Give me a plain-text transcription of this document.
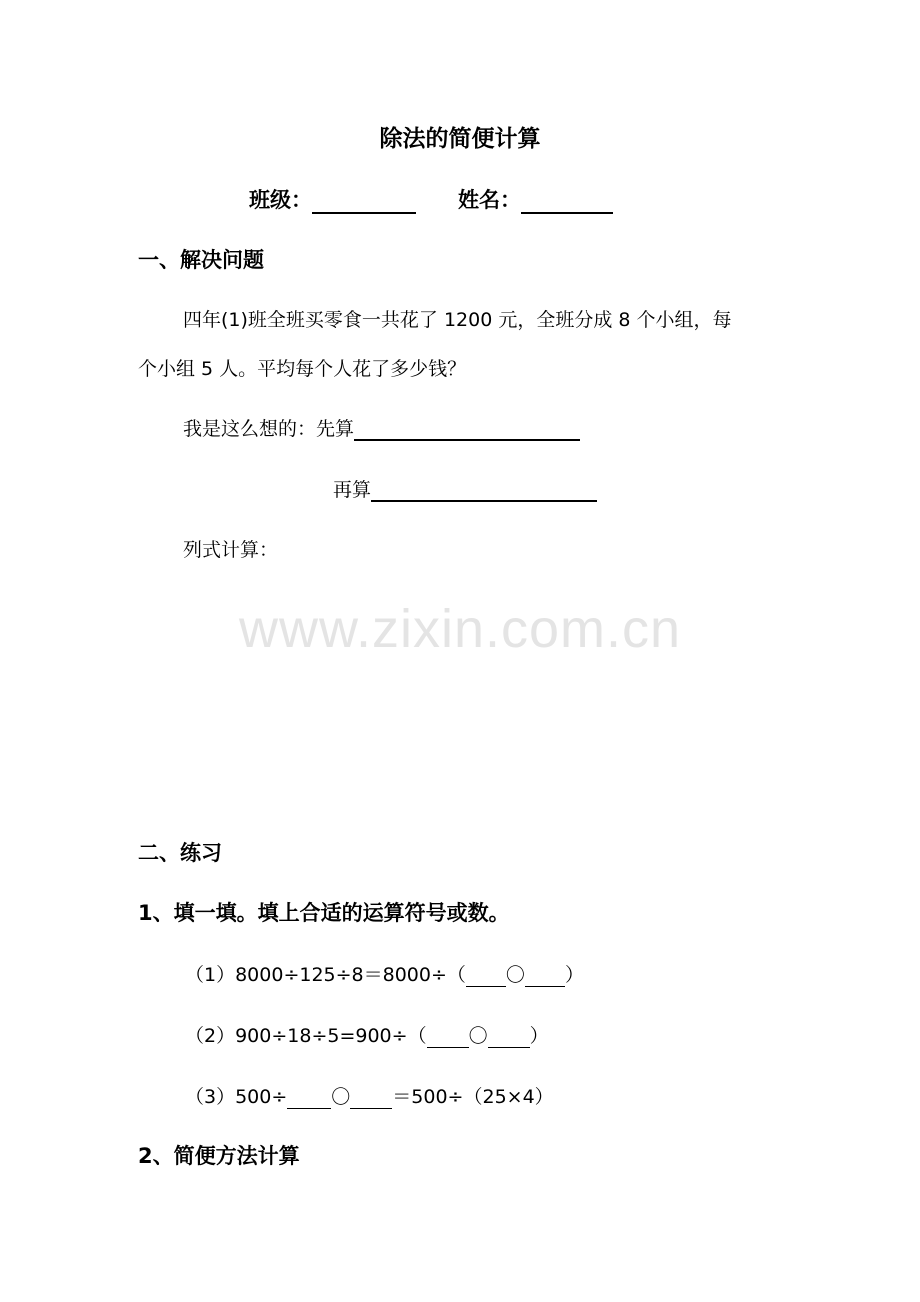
除法的简便计算
班级：	姓名：
一、解决问题
四年(1)班全班买零食一共花了 1200 元，全班分成 8 个小组，每
个小组 5 人。平均每个人花了多少钱？
我是这么想的：先算
再算
列式计算：
www.zixin.com.cn
二、练习
1、填一填。填上合适的运算符号或数。
（1）8000÷125÷8＝8000÷（ 〇 ）
（2）900÷18÷5=900÷（ 〇 ）
（3）500÷ 〇 ＝500÷（25×4）
2、简便方法计算
